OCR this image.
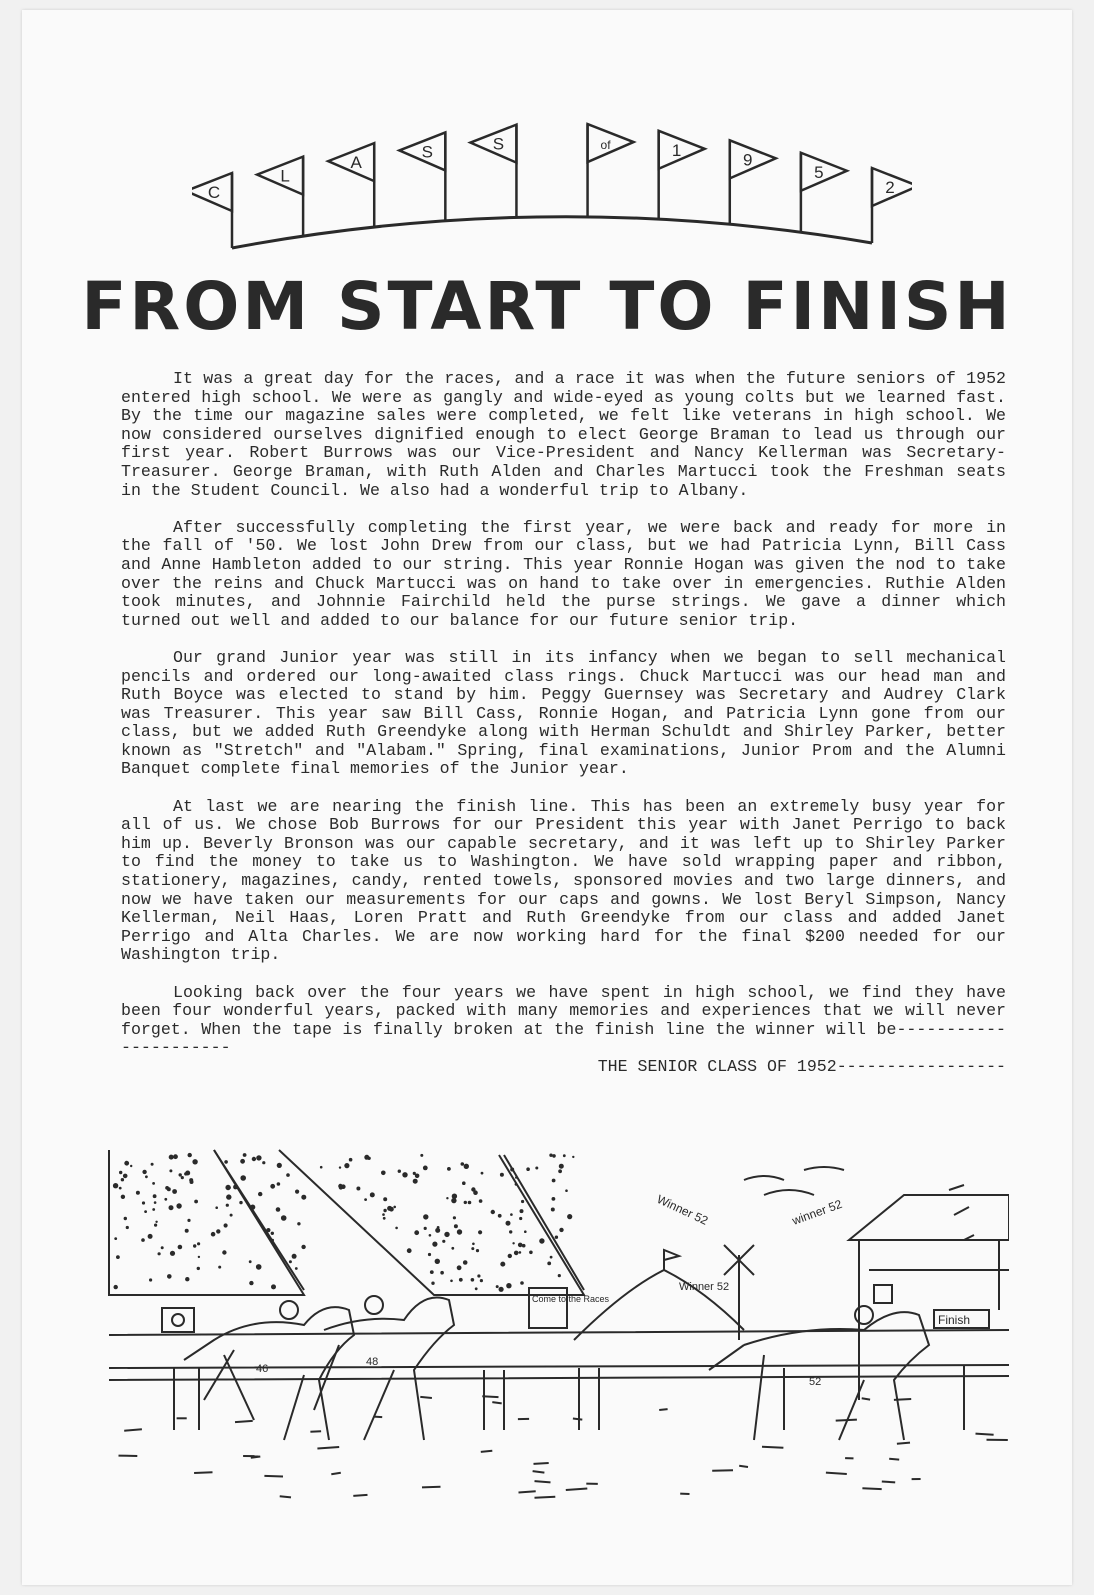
C
L
A
S	S	of	1
9
5
2
FROM START TO FINISH

It was a great day for the races, and a race it was when the future seniors of 1952 entered high school. We were as gangly and wide-eyed as young colts but we learned fast. By the time our magazine sales were completed, we felt like veterans in high school. We now considered ourselves dignified enough to elect George Braman to lead us through our first year. Robert Burrows was our Vice-President and Nancy Kellerman was Secretary-Treasurer. George Braman, with Ruth Alden and Charles Martucci took the Freshman seats in the Student Council. We also had a wonderful trip to Albany.

After successfully completing the first year, we were back and ready for more in the fall of '50. We lost John Drew from our class, but we had Patricia Lynn, Bill Cass and Anne Hambleton added to our string. This year Ronnie Hogan was given the nod to take over the reins and Chuck Martucci was on hand to take over in emergencies. Ruthie Alden took minutes, and Johnnie Fairchild held the purse strings. We gave a dinner which turned out well and added to our balance for our future senior trip.

Our grand Junior year was still in its infancy when we began to sell mechanical pencils and ordered our long-awaited class rings. Chuck Martucci was our head man and Ruth Boyce was elected to stand by him. Peggy Guernsey was Secretary and Audrey Clark was Treasurer. This year saw Bill Cass, Ronnie Hogan, and Patricia Lynn gone from our class, but we added Ruth Greendyke along with Herman Schuldt and Shirley Parker, better known as "Stretch" and "Alabam." Spring, final examinations, Junior Prom and the Alumni Banquet complete final memories of the Junior year.

At last we are nearing the finish line. This has been an extremely busy year for all of us. We chose Bob Burrows for our President this year with Janet Perrigo to back him up. Beverly Bronson was our capable secretary, and it was left up to Shirley Parker to find the money to take us to Washington. We have sold wrapping paper and ribbon, stationery, magazines, candy, rented towels, sponsored movies and two large dinners, and now we have taken our measurements for our caps and gowns. We lost Beryl Simpson, Nancy Kellerman, Neil Haas, Loren Pratt and Ruth Greendyke from our class and added Janet Perrigo and Alta Charles. We are now working hard for the final $200 needed for our Washington trip.

Looking back over the four years we have spent in high school, we find they have been four wonderful years, packed with many memories and experiences that we will never forget. When the tape is finally broken at the finish line the winner will be----------------------

THE SENIOR CLASS OF 1952-----------------
Winner 52	winner 52
Winner 52
Finish
Come to the Races
46
48
52
